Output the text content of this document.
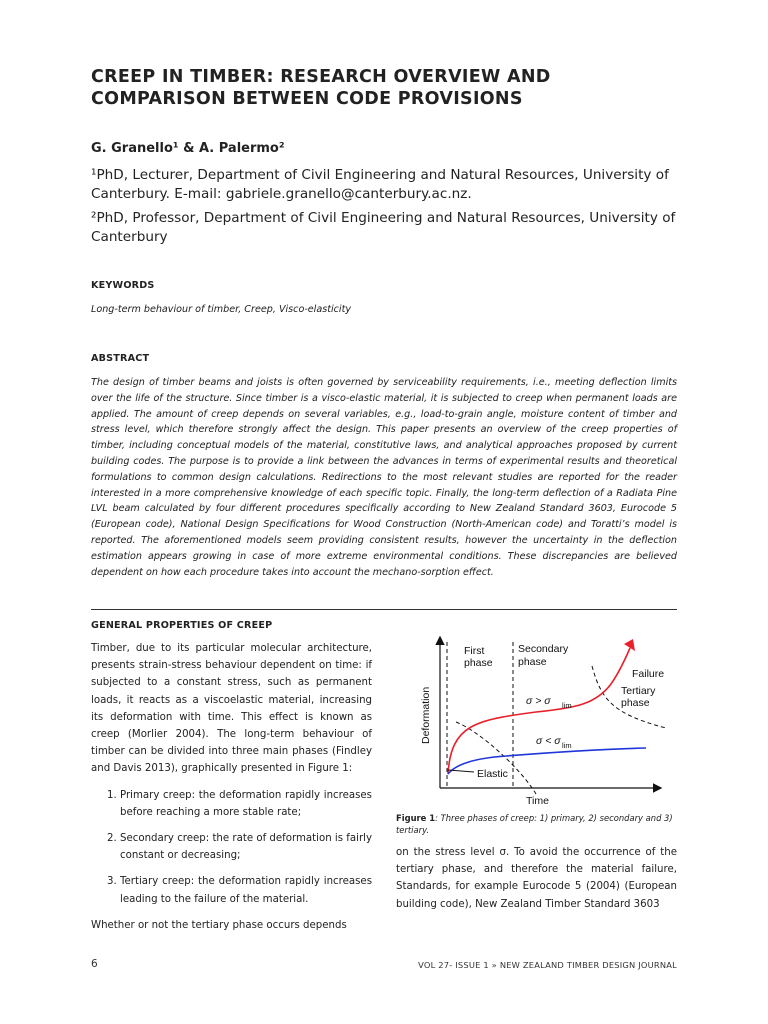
CREEP IN TIMBER: RESEARCH OVERVIEW AND COMPARISON BETWEEN CODE PROVISIONS
G. Granello¹ & A. Palermo²
¹PhD, Lecturer, Department of Civil Engineering and Natural Resources, University of Canterbury. E-mail: gabriele.granello@canterbury.ac.nz.
²PhD, Professor, Department of Civil Engineering and Natural Resources, University of Canterbury
KEYWORDS
Long-term behaviour of timber, Creep, Visco-elasticity
ABSTRACT
The design of timber beams and joists is often governed by serviceability requirements, i.e., meeting deflection limits over the life of the structure. Since timber is a visco-elastic material, it is subjected to creep when permanent loads are applied. The amount of creep depends on several variables, e.g., load-to-grain angle, moisture content of timber and stress level, which therefore strongly affect the design. This paper presents an overview of the creep properties of timber, including conceptual models of the material, constitutive laws, and analytical approaches proposed by current building codes. The purpose is to provide a link between the advances in terms of experimental results and theoretical formulations to common design calculations. Redirections to the most relevant studies are reported for the reader interested in a more comprehensive knowledge of each specific topic. Finally, the long-term deflection of a Radiata Pine LVL beam calculated by four different procedures specifically according to New Zealand Standard 3603, Eurocode 5 (European code), National Design Specifications for Wood Construction (North-American code) and Toratti’s model is reported. The aforementioned models seem providing consistent results, however the uncertainty in the deflection estimation appears growing in case of more extreme environmental conditions. These discrepancies are believed dependent on how each procedure takes into account the mechano-sorption effect.
GENERAL PROPERTIES OF CREEP

Timber, due to its particular molecular architecture, presents strain-stress behaviour dependent on time: if subjected to a constant stress, such as permanent loads, it reacts as a viscoelastic material, increasing its deformation with time. This effect is known as creep (Morlier 2004). The long-term behaviour of timber can be divided into three main phases (Findley and Davis 2013), graphically presented in Figure 1:

1. Primary creep: the deformation rapidly increases before reaching a more stable rate;
2. Secondary creep: the rate of deformation is fairly constant or decreasing;
3. Tertiary creep: the deformation rapidly increases leading to the failure of the material.

Whether or not the tertiary phase occurs depends

First
phase
Secondary
phase
Failure
Tertiary
phase
σ > σ lim
σ < σ lim
Elastic
Time
Deformation
Figure 1: Three phases of creep: 1) primary, 2) secondary and 3) tertiary.
on the stress level σ. To avoid the occurrence of the tertiary phase, and therefore the material failure, Standards, for example Eurocode 5 (2004) (European building code), New Zealand Timber Standard 3603
6	VOL 27- ISSUE 1 » NEW ZEALAND TIMBER DESIGN JOURNAL
